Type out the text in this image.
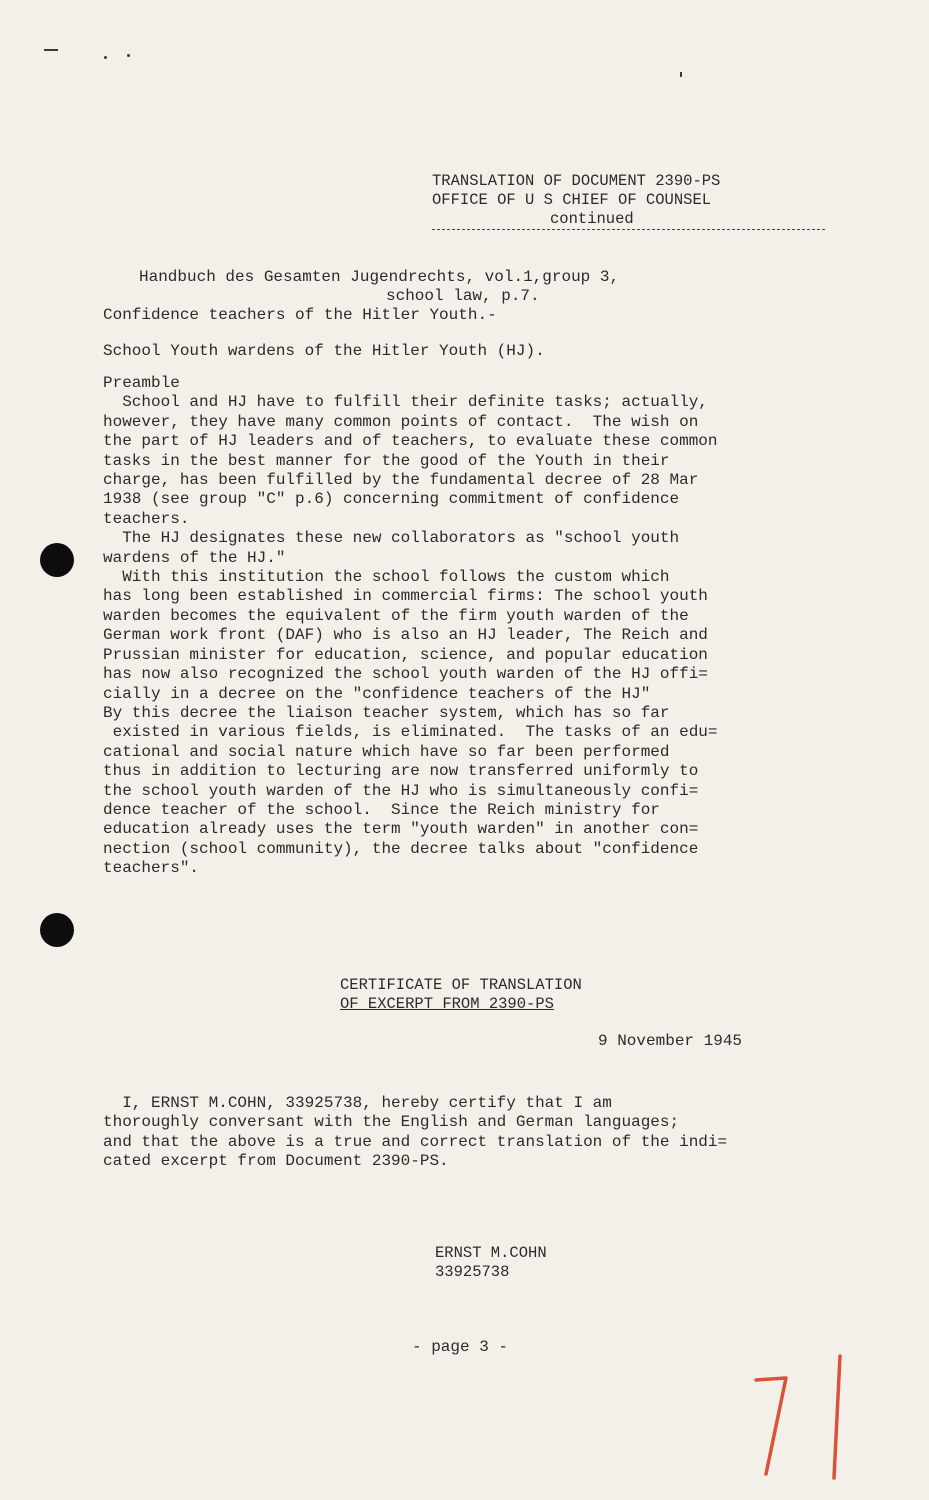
TRANSLATION OF DOCUMENT 2390-PS
OFFICE OF U S CHIEF OF COUNSEL
continued
Handbuch des Gesamten Jugendrechts, vol.1,group 3,
school law, p.7.
Confidence teachers of the Hitler Youth.-
School Youth wardens of the Hitler Youth (HJ).
Preamble
School and HJ have to fulfill their definite tasks; actually,
however, they have many common points of contact.  The wish on
the part of HJ leaders and of teachers, to evaluate these common
tasks in the best manner for the good of the Youth in their
charge, has been fulfilled by the fundamental decree of 28 Mar
1938 (see group "C" p.6) concerning commitment of confidence
teachers.
The HJ designates these new collaborators as "school youth
wardens of the HJ."
With this institution the school follows the custom which
has long been established in commercial firms: The school youth
warden becomes the equivalent of the firm youth warden of the
German work front (DAF) who is also an HJ leader, The Reich and
Prussian minister for education, science, and popular education
has now also recognized the school youth warden of the HJ offi=
cially in a decree on the "confidence teachers of the HJ"
By this decree the liaison teacher system, which has so far
existed in various fields, is eliminated.  The tasks of an edu=
cational and social nature which have so far been performed
thus in addition to lecturing are now transferred uniformly to
the school youth warden of the HJ who is simultaneously confi=
dence teacher of the school.  Since the Reich ministry for
education already uses the term "youth warden" in another con=
nection (school community), the decree talks about "confidence
teachers".
CERTIFICATE OF TRANSLATION
OF EXCERPT FROM 2390-PS
9 November 1945
I, ERNST M.COHN, 33925738, hereby certify that I am
thoroughly conversant with the English and German languages;
and that the above is a true and correct translation of the indi=
cated excerpt from Document 2390-PS.
ERNST M.COHN
33925738
- page 3 -
